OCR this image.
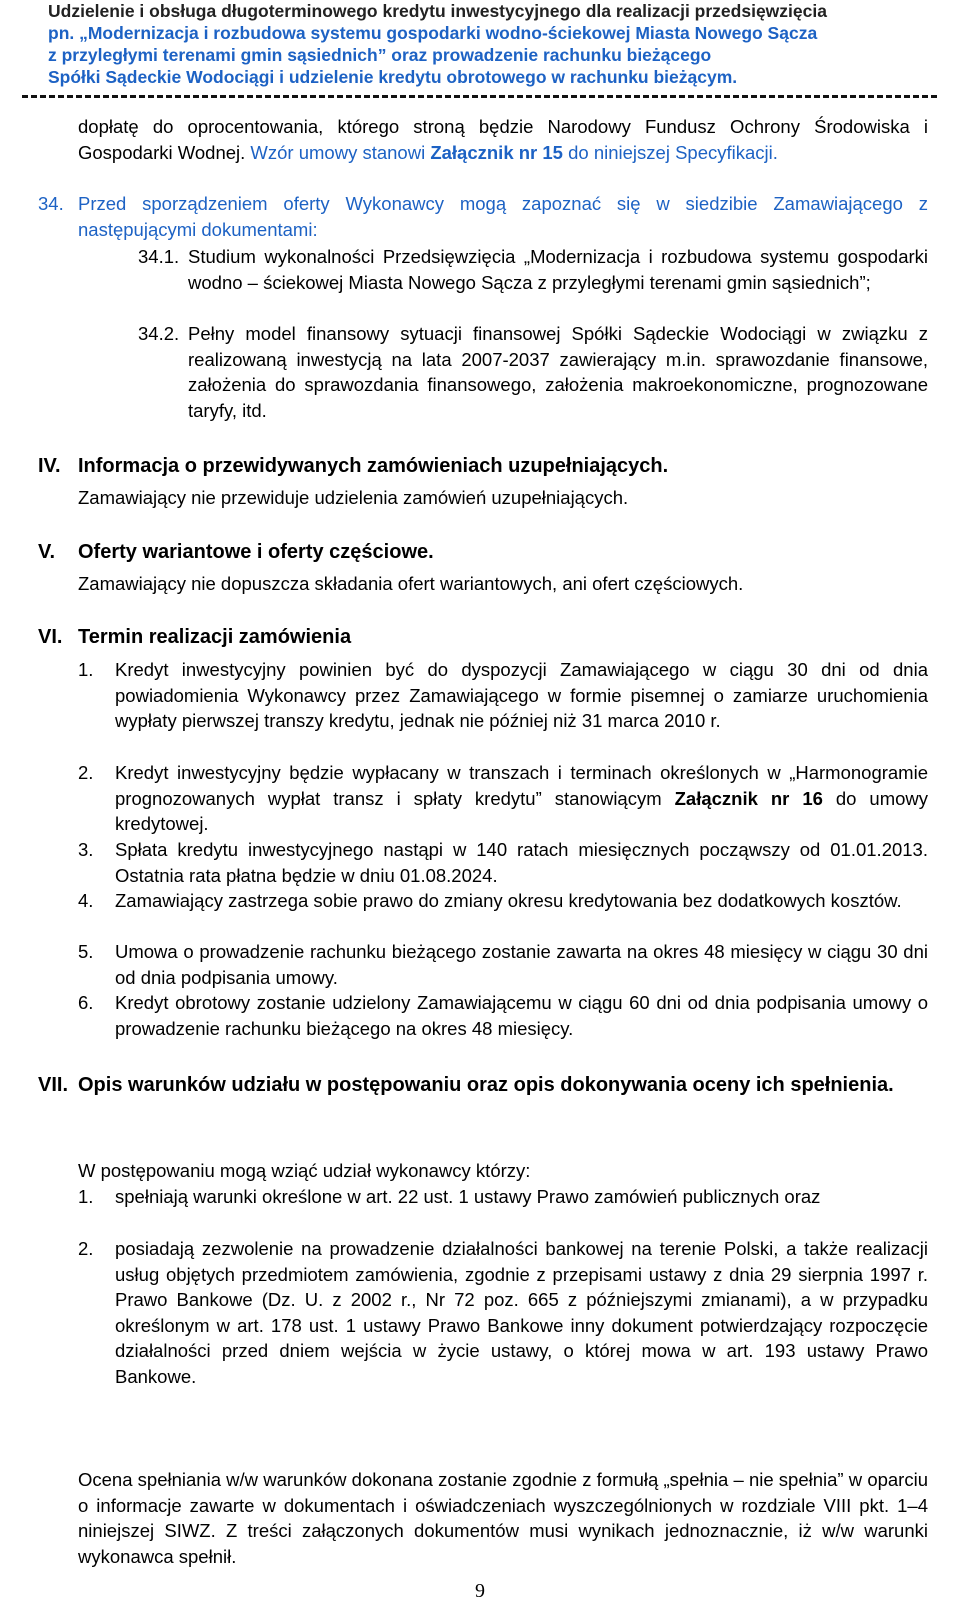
Udzielenie i obsługa długoterminowego kredytu inwestycyjnego dla realizacji przedsięwzięcia
pn. „Modernizacja i rozbudowa systemu gospodarki wodno-ściekowej Miasta Nowego Sącza
z przyległymi terenami gmin sąsiednich” oraz prowadzenie rachunku bieżącego
Spółki Sądeckie Wodociągi i udzielenie kredytu obrotowego w rachunku bieżącym.
dopłatę do oprocentowania, którego stroną będzie Narodowy Fundusz Ochrony Środowiska i Gospodarki Wodnej. Wzór umowy stanowi Załącznik nr 15 do niniejszej Specyfikacji.
34. Przed sporządzeniem oferty Wykonawcy mogą zapoznać się w siedzibie Zamawiającego z następującymi dokumentami:
34.1. Studium wykonalności Przedsięwzięcia „Modernizacja i rozbudowa systemu gospodarki wodno – ściekowej Miasta Nowego Sącza z przyległymi terenami gmin sąsiednich”;
34.2. Pełny model finansowy sytuacji finansowej Spółki Sądeckie Wodociągi w związku z realizowaną inwestycją na lata 2007-2037 zawierający m.in. sprawozdanie finansowe, założenia do sprawozdania finansowego, założenia makroekonomiczne, prognozowane taryfy, itd.
IV. Informacja o przewidywanych zamówieniach uzupełniających.
Zamawiający nie przewiduje udzielenia zamówień uzupełniających.
V. Oferty wariantowe i oferty częściowe.
Zamawiający nie dopuszcza składania ofert wariantowych, ani ofert częściowych.
VI. Termin realizacji zamówienia
1. Kredyt inwestycyjny powinien być do dyspozycji Zamawiającego w ciągu 30 dni od dnia powiadomienia Wykonawcy przez Zamawiającego w formie pisemnej o zamiarze uruchomienia wypłaty pierwszej transzy kredytu, jednak nie później niż 31 marca 2010 r.
2. Kredyt inwestycyjny będzie wypłacany w transzach i terminach określonych w „Harmonogramie prognozowanych wypłat transz i spłaty kredytu” stanowiącym Załącznik nr 16 do umowy kredytowej.
3. Spłata kredytu inwestycyjnego nastąpi w 140 ratach miesięcznych począwszy od 01.01.2013. Ostatnia rata płatna będzie w dniu 01.08.2024.
4. Zamawiający zastrzega sobie prawo do zmiany okresu kredytowania bez dodatkowych kosztów.
5. Umowa o prowadzenie rachunku bieżącego zostanie zawarta na okres 48 miesięcy w ciągu 30 dni od dnia podpisania umowy.
6. Kredyt obrotowy zostanie udzielony Zamawiającemu w ciągu 60 dni od dnia podpisania umowy o prowadzenie rachunku bieżącego na okres 48 miesięcy.
VII. Opis warunków udziału w postępowaniu oraz opis dokonywania oceny ich spełnienia.
W postępowaniu mogą wziąć udział wykonawcy którzy:
1. spełniają warunki określone w art. 22 ust. 1 ustawy Prawo zamówień publicznych oraz
2. posiadają zezwolenie na prowadzenie działalności bankowej na terenie Polski, a także realizacji usług objętych przedmiotem zamówienia, zgodnie z przepisami ustawy z dnia 29 sierpnia 1997 r. Prawo Bankowe (Dz. U. z 2002 r., Nr 72 poz. 665 z późniejszymi zmianami), a w przypadku określonym w art. 178 ust. 1 ustawy Prawo Bankowe inny dokument potwierdzający rozpoczęcie działalności przed dniem wejścia w życie ustawy, o której mowa w art. 193 ustawy Prawo Bankowe.
Ocena spełniania w/w warunków dokonana zostanie zgodnie z formułą „spełnia – nie spełnia” w oparciu o informacje zawarte w dokumentach i oświadczeniach wyszczególnionych w rozdziale VIII pkt. 1–4 niniejszej SIWZ. Z treści załączonych dokumentów musi wynikach jednoznacznie, iż w/w warunki wykonawca spełnił.
9
